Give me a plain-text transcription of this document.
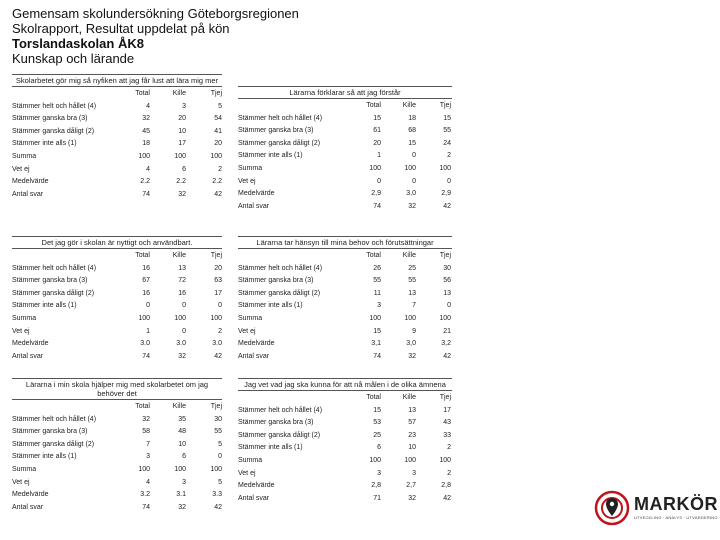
Gemensam skolundersökning Göteborgsregionen
Skolrapport, Resultat uppdelat på kön
Torslandaskolan ÅK8
Kunskap och lärande
Skolarbetet gör mig så nyfiken att jag får lust att lära mig mer
Total	Kille	Tjej
Stämmer helt och hållet (4)	4	3	5
Stämmer ganska bra (3)	32	20	54
Stämmer ganska dåligt (2)	45	10	41
Stämmer inte alls (1)	18	17	20
Summa	100	100	100
Vet ej	4	6	2
Medelvärde	2.2	2.2	2.2
Antal svar	74	32	42
Lärarna förklarar så att jag förstår
Total	Kille	Tjej
Stämmer helt och hållet (4)	15	18	15
Stämmer ganska bra (3)	61	68	55
Stämmer ganska dåligt (2)	20	15	24
Stämmer inte alls (1)	1	0	2
Summa	100	100	100
Vet ej	0	0	0
Medelvärde	2,9	3,0	2,9
Antal svar	74	32	42
Det jag gör i skolan är nyttigt och användbart.
Total	Kille	Tjej
Stämmer helt och hållet (4)	16	13	20
Stämmer ganska bra (3)	67	72	63
Stämmer ganska dåligt (2)	16	16	17
Stämmer inte alls (1)	0	0	0
Summa	100	100	100
Vet ej	1	0	2
Medelvärde	3.0	3.0	3.0
Antal svar	74	32	42
Lärarna tar hänsyn till mina behov och förutsättningar
Total	Kille	Tjej
Stämmer helt och hållet (4)	26	25	30
Stämmer ganska bra (3)	55	55	56
Stämmer ganska dåligt (2)	11	13	13
Stämmer inte alls (1)	3	7	0
Summa	100	100	100
Vet ej	15	9	21
Medelvärde	3,1	3,0	3,2
Antal svar	74	32	42
Lärarna i min skola hjälper mig med skolarbetet om jag behöver det
Total	Kille	Tjej
Stämmer helt och hållet (4)	32	35	30
Stämmer ganska bra (3)	58	48	55
Stämmer ganska dåligt (2)	7	10	5
Stämmer inte alls (1)	3	6	0
Summa	100	100	100
Vet ej	4	3	5
Medelvärde	3.2	3.1	3.3
Antal svar	74	32	42
Jag vet vad jag ska kunna för att nå målen i de olika ämnena
Total	Kille	Tjej
Stämmer helt och hållet (4)	15	13	17
Stämmer ganska bra (3)	53	57	43
Stämmer ganska dåligt (2)	25	23	33
Stämmer inte alls (1)	6	10	2
Summa	100	100	100
Vet ej	3	3	2
Medelvärde	2,8	2,7	2,8
Antal svar	71	32	42	MARKÖR
UTVECKLING · ANALYS · UTVÄRDERING
